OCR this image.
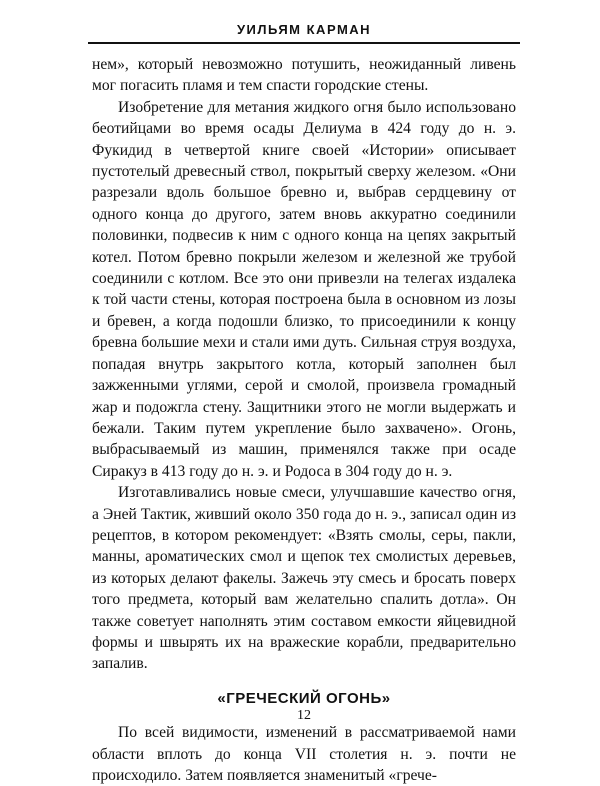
УИЛЬЯМ КАРМАН

нем», который невозможно потушить, неожиданный ливень мог погасить пламя и тем спасти городские стены.

Изобретение для метания жидкого огня было использовано беотийцами во время осады Делиума в 424 году до н. э. Фукидид в четвертой книге своей «Истории» описывает пустотелый древесный ствол, покрытый сверху железом. «Они разрезали вдоль большое бревно и, выбрав сердцевину от одного конца до другого, затем вновь аккуратно соединили половинки, подвесив к ним с одного конца на цепях закрытый котел. Потом бревно покрыли железом и железной же трубой соединили с котлом. Все это они привезли на телегах издалека к той части стены, которая построена была в основном из лозы и бревен, а когда подошли близко, то присоединили к концу бревна большие мехи и стали ими дуть. Сильная струя воздуха, попадая внутрь закрытого котла, который заполнен был зажженными углями, серой и смолой, произвела громадный жар и подожгла стену. Защитники этого не могли выдержать и бежали. Таким путем укрепление было захвачено». Огонь, выбрасываемый из машин, применялся также при осаде Сиракуз в 413 году до н. э. и Родоса в 304 году до н. э.

Изготавливались новые смеси, улучшавшие качество огня, а Эней Тактик, живший около 350 года до н. э., записал один из рецептов, в котором рекомендует: «Взять смолы, серы, пакли, манны, ароматических смол и щепок тех смолистых деревьев, из которых делают факелы. Зажечь эту смесь и бросать поверх того предмета, который вам желательно спалить дотла». Он также советует наполнять этим составом емкости яйцевидной формы и швырять их на вражеские корабли, предварительно запалив.

«ГРЕЧЕСКИЙ ОГОНЬ»

По всей видимости, изменений в рассматриваемой нами области вплоть до конца VII столетия н. э. почти не происходило. Затем появляется знаменитый «грече-

12
